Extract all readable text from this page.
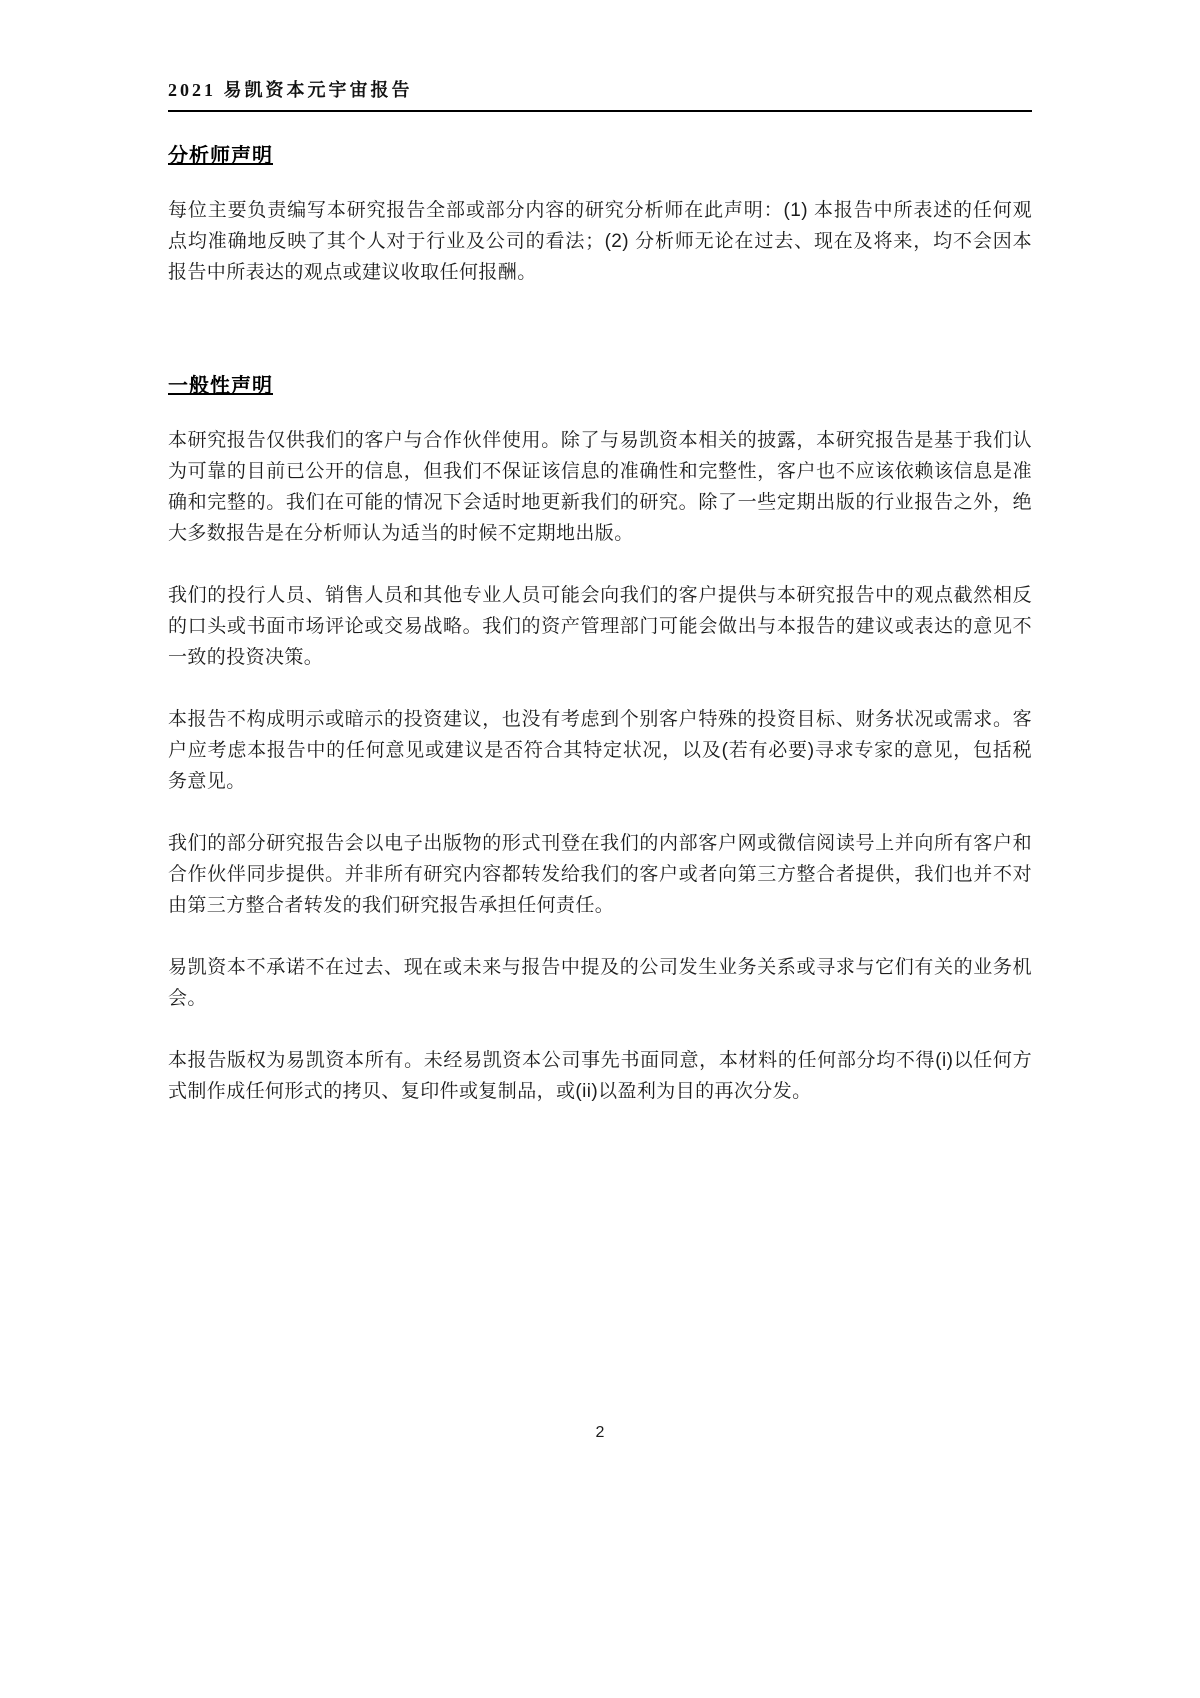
2021 易凯资本元宇宙报告
分析师声明

每位主要负责编写本研究报告全部或部分内容的研究分析师在此声明：(1) 本报告中所表述的任何观点均准确地反映了其个人对于行业及公司的看法；(2) 分析师无论在过去、现在及将来，均不会因本报告中所表达的观点或建议收取任何报酬。

一般性声明

本研究报告仅供我们的客户与合作伙伴使用。除了与易凯资本相关的披露，本研究报告是基于我们认为可靠的目前已公开的信息，但我们不保证该信息的准确性和完整性，客户也不应该依赖该信息是准确和完整的。我们在可能的情况下会适时地更新我们的研究。除了一些定期出版的行业报告之外，绝大多数报告是在分析师认为适当的时候不定期地出版。

我们的投行人员、销售人员和其他专业人员可能会向我们的客户提供与本研究报告中的观点截然相反的口头或书面市场评论或交易战略。我们的资产管理部门可能会做出与本报告的建议或表达的意见不一致的投资决策。

本报告不构成明示或暗示的投资建议，也没有考虑到个别客户特殊的投资目标、财务状况或需求。客户应考虑本报告中的任何意见或建议是否符合其特定状况，以及(若有必要)寻求专家的意见，包括税务意见。

我们的部分研究报告会以电子出版物的形式刊登在我们的内部客户网或微信阅读号上并向所有客户和合作伙伴同步提供。并非所有研究内容都转发给我们的客户或者向第三方整合者提供，我们也并不对由第三方整合者转发的我们研究报告承担任何责任。

易凯资本不承诺不在过去、现在或未来与报告中提及的公司发生业务关系或寻求与它们有关的业务机会。

本报告版权为易凯资本所有。未经易凯资本公司事先书面同意，本材料的任何部分均不得(i)以任何方式制作成任何形式的拷贝、复印件或复制品，或(ii)以盈利为目的再次分发。

2
